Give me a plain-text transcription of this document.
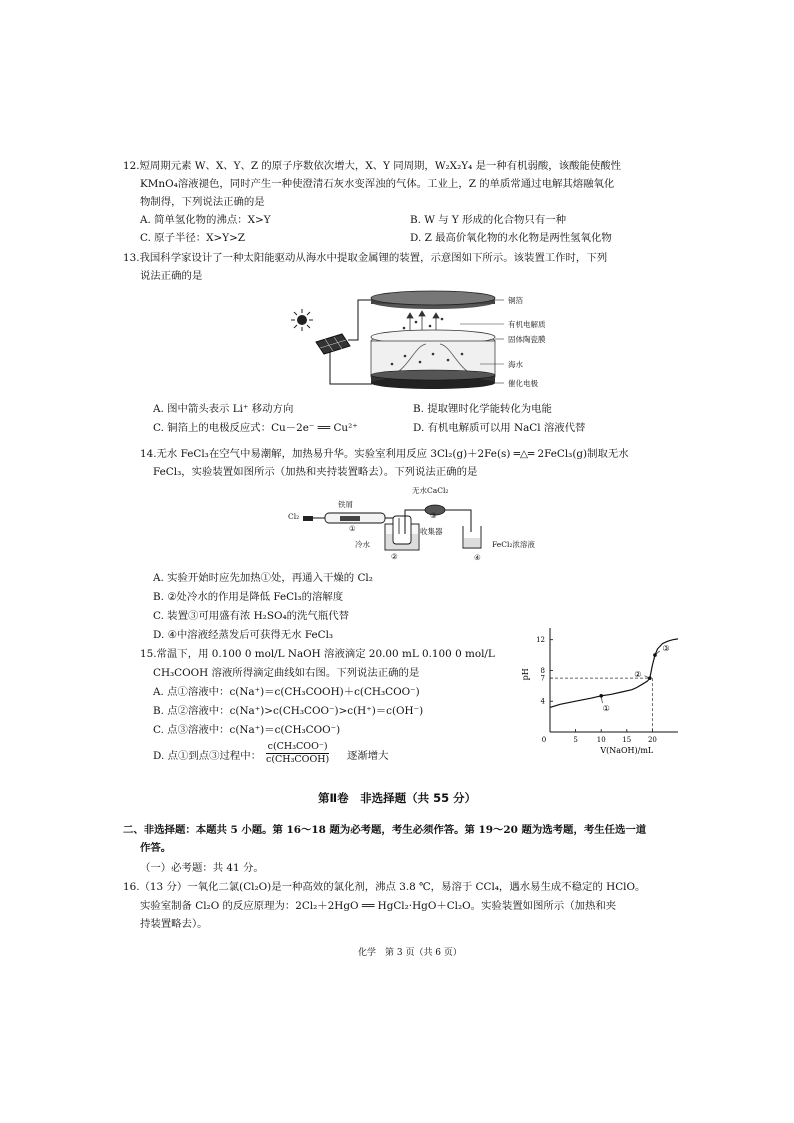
12.短周期元素 W、X、Y、Z 的原子序数依次增大，X、Y 同周期，W₂X₂Y₄ 是一种有机弱酸，该酸能使酸性
KMnO₄溶液褪色，同时产生一种使澄清石灰水变浑浊的气体。工业上，Z 的单质常通过电解其熔融氧化
物制得，下列说法正确的是
A. 简单氢化物的沸点：X>Y	B. W 与 Y 形成的化合物只有一种
C. 原子半径：X>Y>Z	D. Z 最高价氧化物的水化物是两性氢氧化物
13.我国科学家设计了一种太阳能驱动从海水中提取金属锂的装置，示意图如下所示。该装置工作时，下列
说法正确的是
铜箔
有机电解质
固体陶瓷膜
海水
催化电极
A. 图中箭头表示 Li⁺ 移动方向	B. 提取锂时化学能转化为电能
C. 铜箔上的电极反应式：Cu－2e⁻ ══ Cu²⁺	D. 有机电解质可以用 NaCl 溶液代替
14.无水 FeCl₃在空气中易潮解，加热易升华。实验室利用反应 3Cl₂(g)＋2Fe(s) ═△═ 2FeCl₃(g)制取无水
FeCl₃，实验装置如图所示（加热和夹持装置略去）。下列说法正确的是
Cl₂
铁屑
①
无水CaCl₂
③
收集器
冷水
②
FeCl₂浓溶液
④
A. 实验开始时应先加热①处，再通入干燥的 Cl₂
B. ②处冷水的作用是降低 FeCl₃的溶解度
C. 装置③可用盛有浓 H₂SO₄的洗气瓶代替
D. ④中溶液经蒸发后可获得无水 FeCl₃
15.常温下，用 0.100 0 mol/L NaOH 溶液滴定 20.00 mL 0.100 0 mol/L
CH₃COOH 溶液所得滴定曲线如右图。下列说法正确的是
A. 点①溶液中：c(Na⁺)＝c(CH₃COOH)＋c(CH₃COO⁻)
B. 点②溶液中：c(Na⁺)>c(CH₃COO⁻)>c(H⁺)＝c(OH⁻)
C. 点③溶液中：c(Na⁺)＝c(CH₃COO⁻)
D. 点①到点③过程中：
c(CH₃COO⁻)
c(CH₃COOH) 逐渐增大
0	5	10 15 20
4
7
8
12
①
②
③
pH
V(NaOH)/mL
第Ⅱ卷　非选择题（共 55 分）
二、非选择题：本题共 5 小题。第 16～18 题为必考题，考生必须作答。第 19～20 题为选考题，考生任选一道
作答。
（一）必考题：共 41 分。
16.（13 分）一氧化二氯(Cl₂O)是一种高效的氯化剂，沸点 3.8 ℃，易溶于 CCl₄，遇水易生成不稳定的 HClO。
实验室制备 Cl₂O 的反应原理为：2Cl₂＋2HgO ══ HgCl₂·HgO＋Cl₂O。实验装置如图所示（加热和夹
持装置略去）。
化学　第 3 页（共 6 页）
